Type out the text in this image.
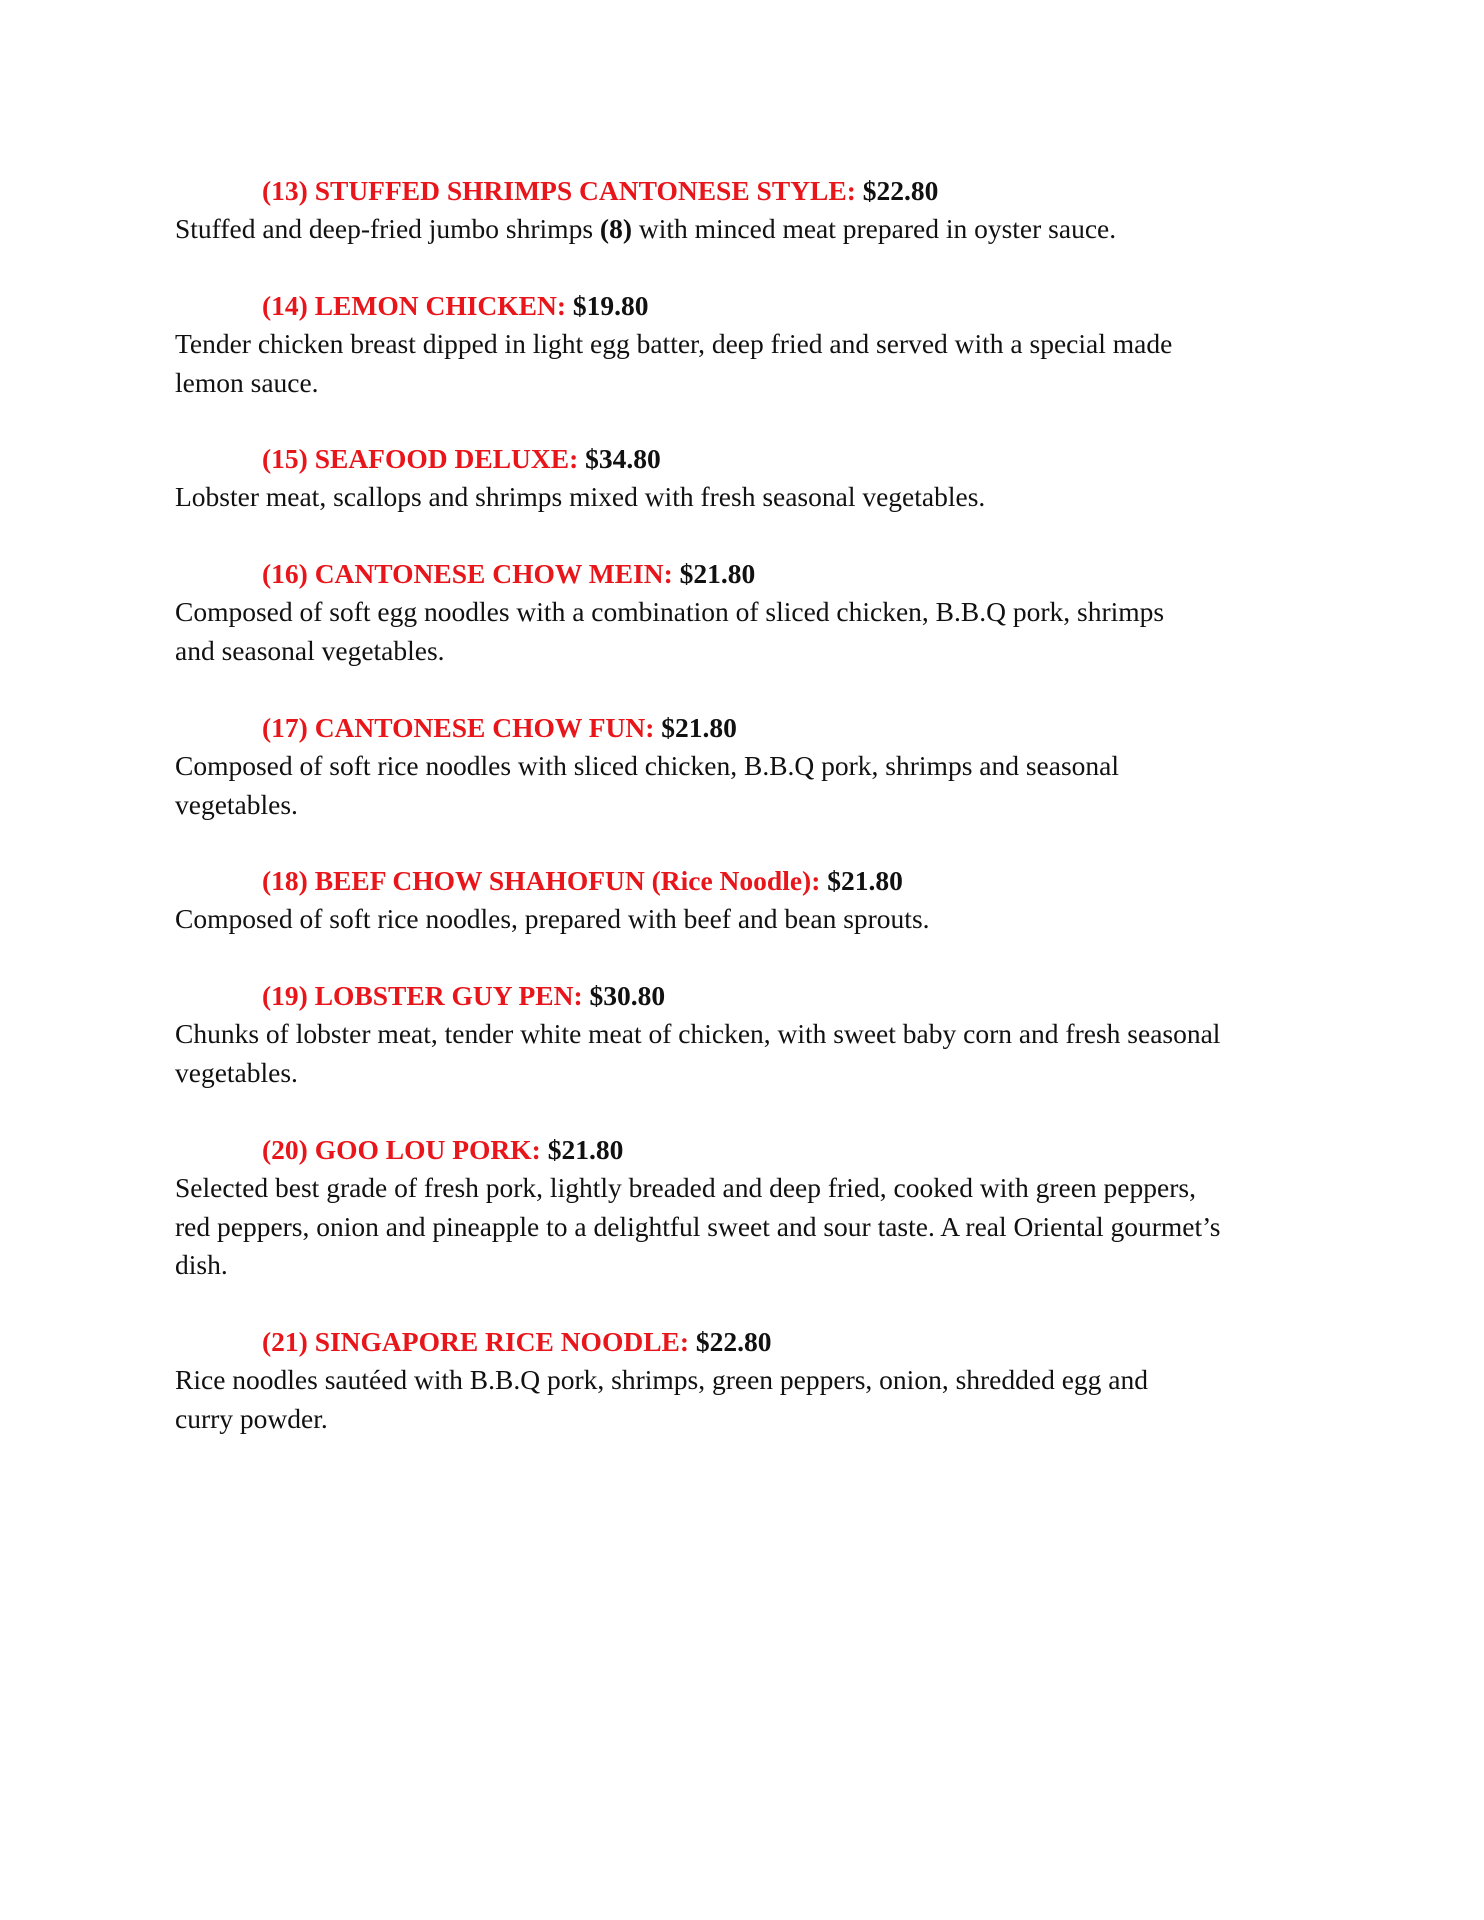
(13) STUFFED SHRIMPS CANTONESE STYLE: $22.80

Stuffed and deep-fried jumbo shrimps (8) with minced meat prepared in oyster sauce.

(14) LEMON CHICKEN: $19.80

Tender chicken breast dipped in light egg batter, deep fried and served with a special made
lemon sauce.

(15) SEAFOOD DELUXE: $34.80

Lobster meat, scallops and shrimps mixed with fresh seasonal vegetables.

(16) CANTONESE CHOW MEIN: $21.80

Composed of soft egg noodles with a combination of sliced chicken, B.B.Q pork, shrimps
and seasonal vegetables.

(17) CANTONESE CHOW FUN: $21.80

Composed of soft rice noodles with sliced chicken, B.B.Q pork, shrimps and seasonal
vegetables.

(18) BEEF CHOW SHAHOFUN (Rice Noodle): $21.80

Composed of soft rice noodles, prepared with beef and bean sprouts.

(19) LOBSTER GUY PEN: $30.80

Chunks of lobster meat, tender white meat of chicken, with sweet baby corn and fresh seasonal
vegetables.

(20) GOO LOU PORK: $21.80

Selected best grade of fresh pork, lightly breaded and deep fried, cooked with green peppers,
red peppers, onion and pineapple to a delightful sweet and sour taste. A real Oriental gourmet’s
dish.

(21) SINGAPORE RICE NOODLE: $22.80

Rice noodles sautéed with B.B.Q pork, shrimps, green peppers, onion, shredded egg and
curry powder.
